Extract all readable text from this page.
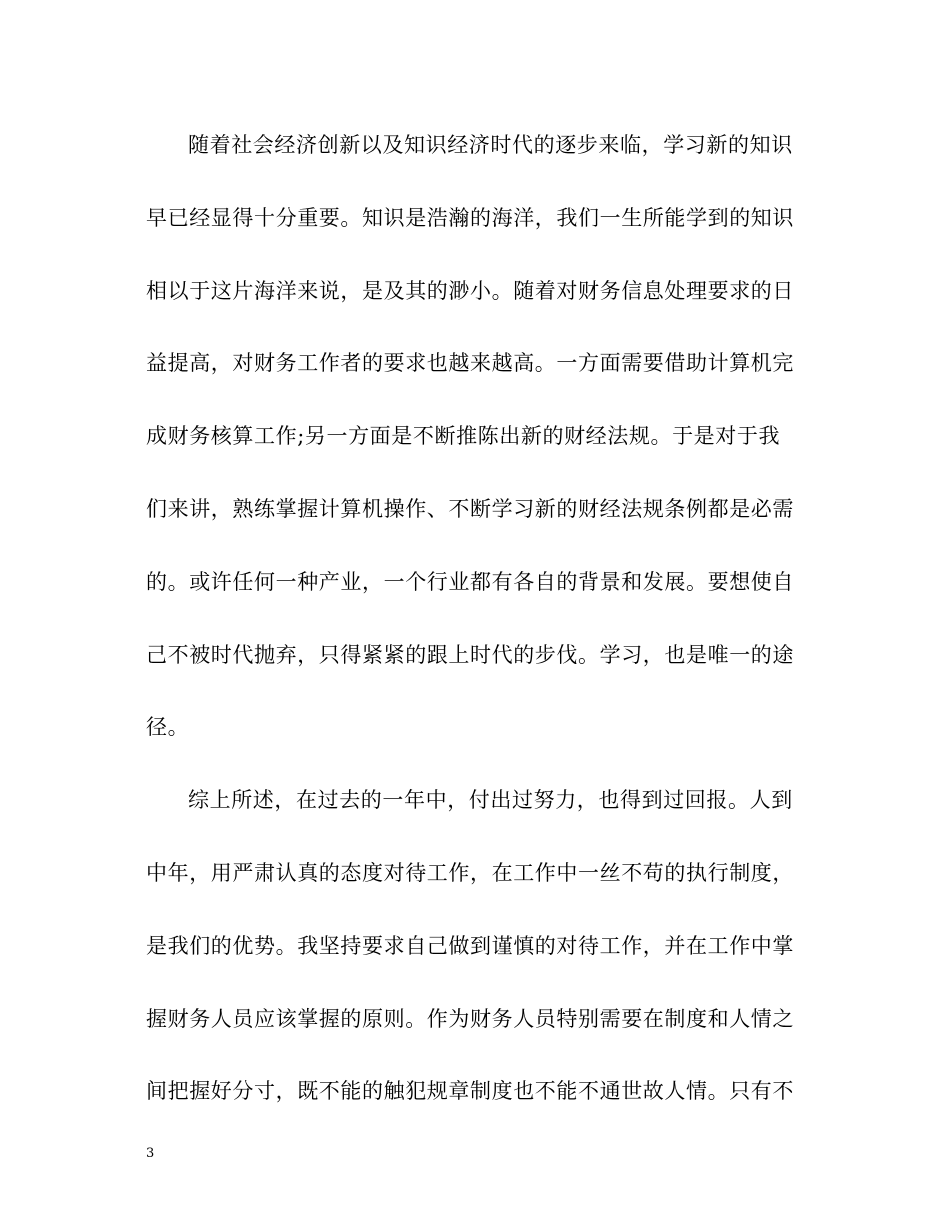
随着社会经济创新以及知识经济时代的逐步来临，学习新的知识
早已经显得十分重要。知识是浩瀚的海洋，我们一生所能学到的知识
相以于这片海洋来说，是及其的渺小。随着对财务信息处理要求的日
益提高，对财务工作者的要求也越来越高。一方面需要借助计算机完
成财务核算工作;另一方面是不断推陈出新的财经法规。于是对于我
们来讲，熟练掌握计算机操作、不断学习新的财经法规条例都是必需
的。或许任何一种产业，一个行业都有各自的背景和发展。要想使自
己不被时代抛弃，只得紧紧的跟上时代的步伐。学习，也是唯一的途
径。
综上所述，在过去的一年中，付出过努力，也得到过回报。人到
中年，用严肃认真的态度对待工作，在工作中一丝不苟的执行制度，
是我们的优势。我坚持要求自己做到谨慎的对待工作，并在工作中掌
握财务人员应该掌握的原则。作为财务人员特别需要在制度和人情之
间把握好分寸，既不能的触犯规章制度也不能不通世故人情。只有不
3
